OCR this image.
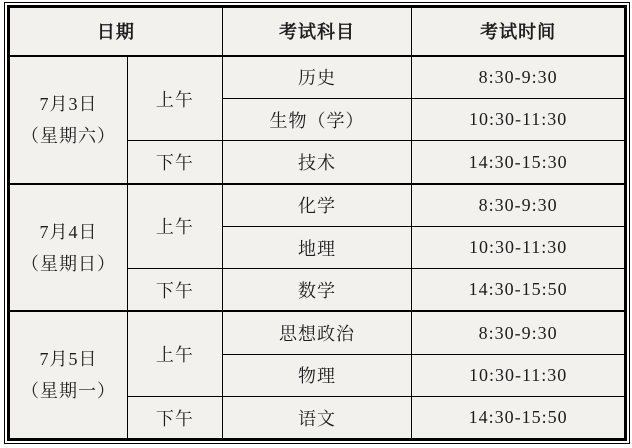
日期		考试科目	考试时间

7月3日
（星期六）	上午	历史	8:30-9:30
		生物（学）	10:30-11:30
	下午	技术	14:30-15:30

7月4日
（星期日）	上午	化学	8:30-9:30
		地理	10:30-11:30
	下午	数学	14:30-15:50

7月5日
（星期一）	上午	思想政治	8:30-9:30
		物理	10:30-11:30
	下午	语文	14:30-15:50
